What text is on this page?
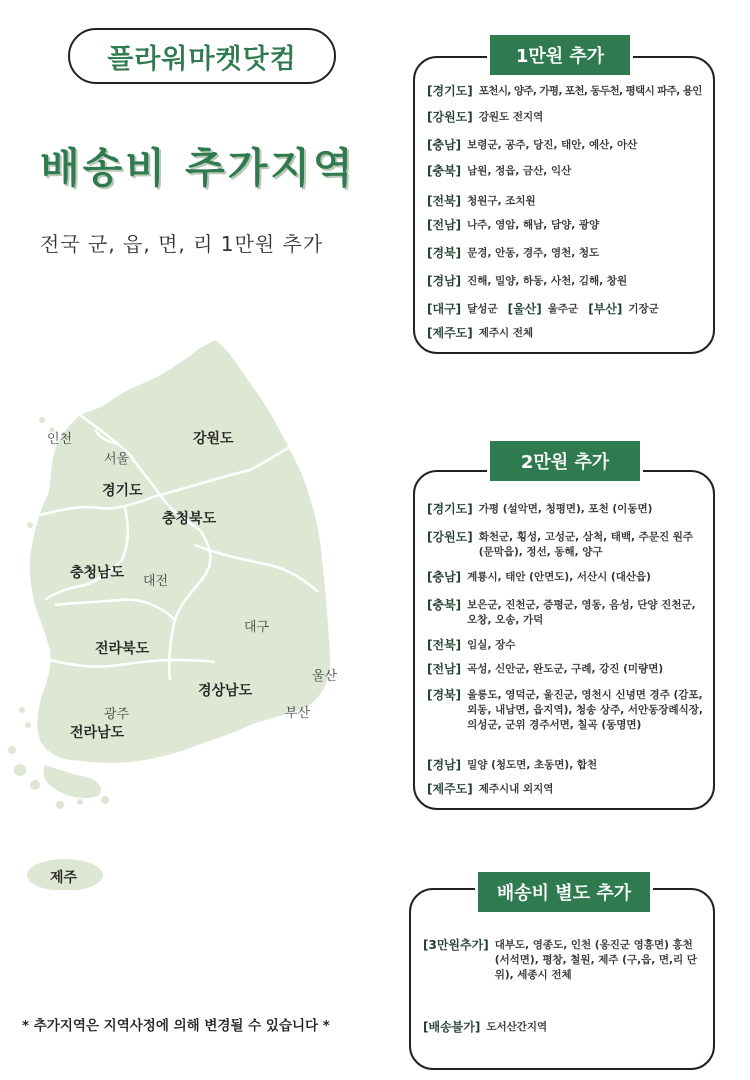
플라워마켓닷컴
배송비 추가지역
전국 군, 읍, 면, 리 1만원 추가
인천
서울
강원도
경기도
충청북도
충청남도
대전
대구
전라북도
울산
경상남도
부산
광주
전라남도
제주
* 추가지역은 지역사정에 의해 변경될 수 있습니다 *
[경기도] 포천시, 양주, 가평, 포천, 동두천, 평택시 파주, 용인
[강원도] 강원도 전지역
[충남] 보령군, 공주, 당진, 태안, 예산, 아산
[충북] 남원, 정읍, 금산, 익산
[전북] 청원구, 조치원
[전남] 나주, 영암, 해남, 담양, 광양
[경북] 문경, 안동, 경주, 영천, 청도
[경남] 진해, 밀양, 하동, 사천, 김해, 창원
[대구] 달성군 [울산] 울주군 [부산] 기장군
[제주도] 제주시 전체
1만원 추가
[경기도] 가평 (설악면, 청평면), 포천 (이동면)
[강원도] 화천군, 횡성, 고성군, 삼척, 태백, 주문진 원주 (문막읍), 정선, 동해, 양구
[충남] 계룡시, 태안 (안면도), 서산시 (대산읍)
[충북] 보은군, 진천군, 증평군, 영동, 음성, 단양 진천군, 오창, 오송, 가덕
[전북] 임실, 장수
[전남] 곡성, 신안군, 완도군, 구례, 강진 (미량면)
[경북] 울릉도, 영덕군, 울진군, 영천시 신녕면 경주 (감포, 외동, 내남면, 읍지역), 청송 상주, 서안동장례식장, 의성군, 군위 경주서면, 칠곡 (동명면)
[경남] 밀양 (청도면, 초동면), 합천
[제주도] 제주시내 외지역
2만원 추가
[3만원추가] 대부도, 영종도, 인천 (옹진군 영흥면) 홍천 (서석면), 평창, 철원, 제주 (구,읍, 면,리 단위), 세종시 전체
[배송불가] 도서산간지역
배송비 별도 추가
